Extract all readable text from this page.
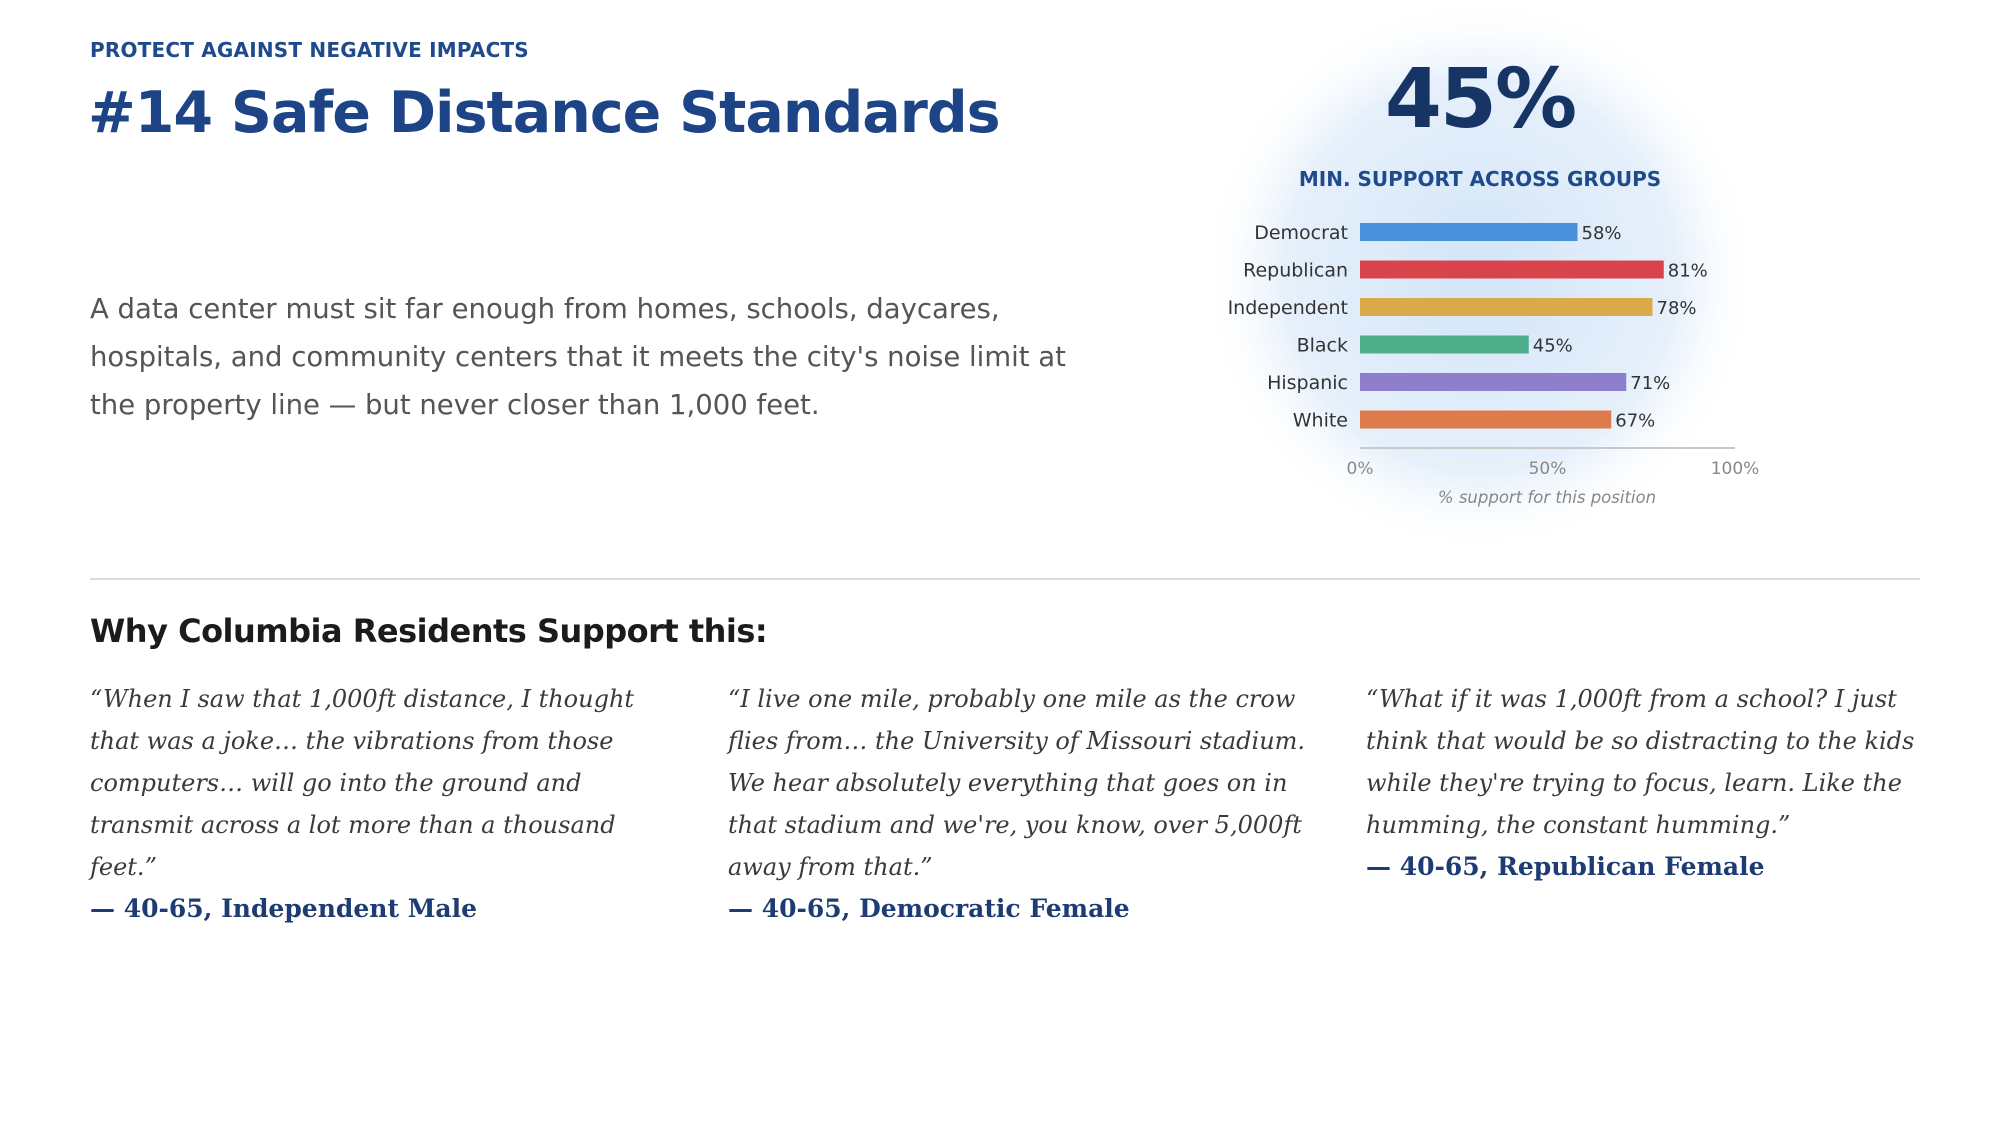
PROTECT AGAINST NEGATIVE IMPACTS

#14 Safe Distance Standards

A data center must sit far enough from homes, schools, daycares, hospitals, and community centers that it meets the city's noise limit at the property line — but never closer than 1,000 feet.

45%
MIN. SUPPORT ACROSS GROUPS
Democrat	58%
Republican	81%
Independent	78%
Black	45%
Hispanic	71%
White	67%
0%	50%	100%
% support for this position
Why Columbia Residents Support this:

“When I saw that 1,000ft distance, I thought that was a joke… the vibrations from those computers… will go into the ground and transmit across a lot more than a thousand feet.”

— 40-65, Independent Male

“I live one mile, probably one mile as the crow flies from… the University of Missouri stadium. We hear absolutely everything that goes on in that stadium and we're, you know, over 5,000ft away from that.”

— 40-65, Democratic Female

“What if it was 1,000ft from a school? I just think that would be so distracting to the kids while they're trying to focus, learn. Like the humming, the constant humming.”

— 40-65, Republican Female
